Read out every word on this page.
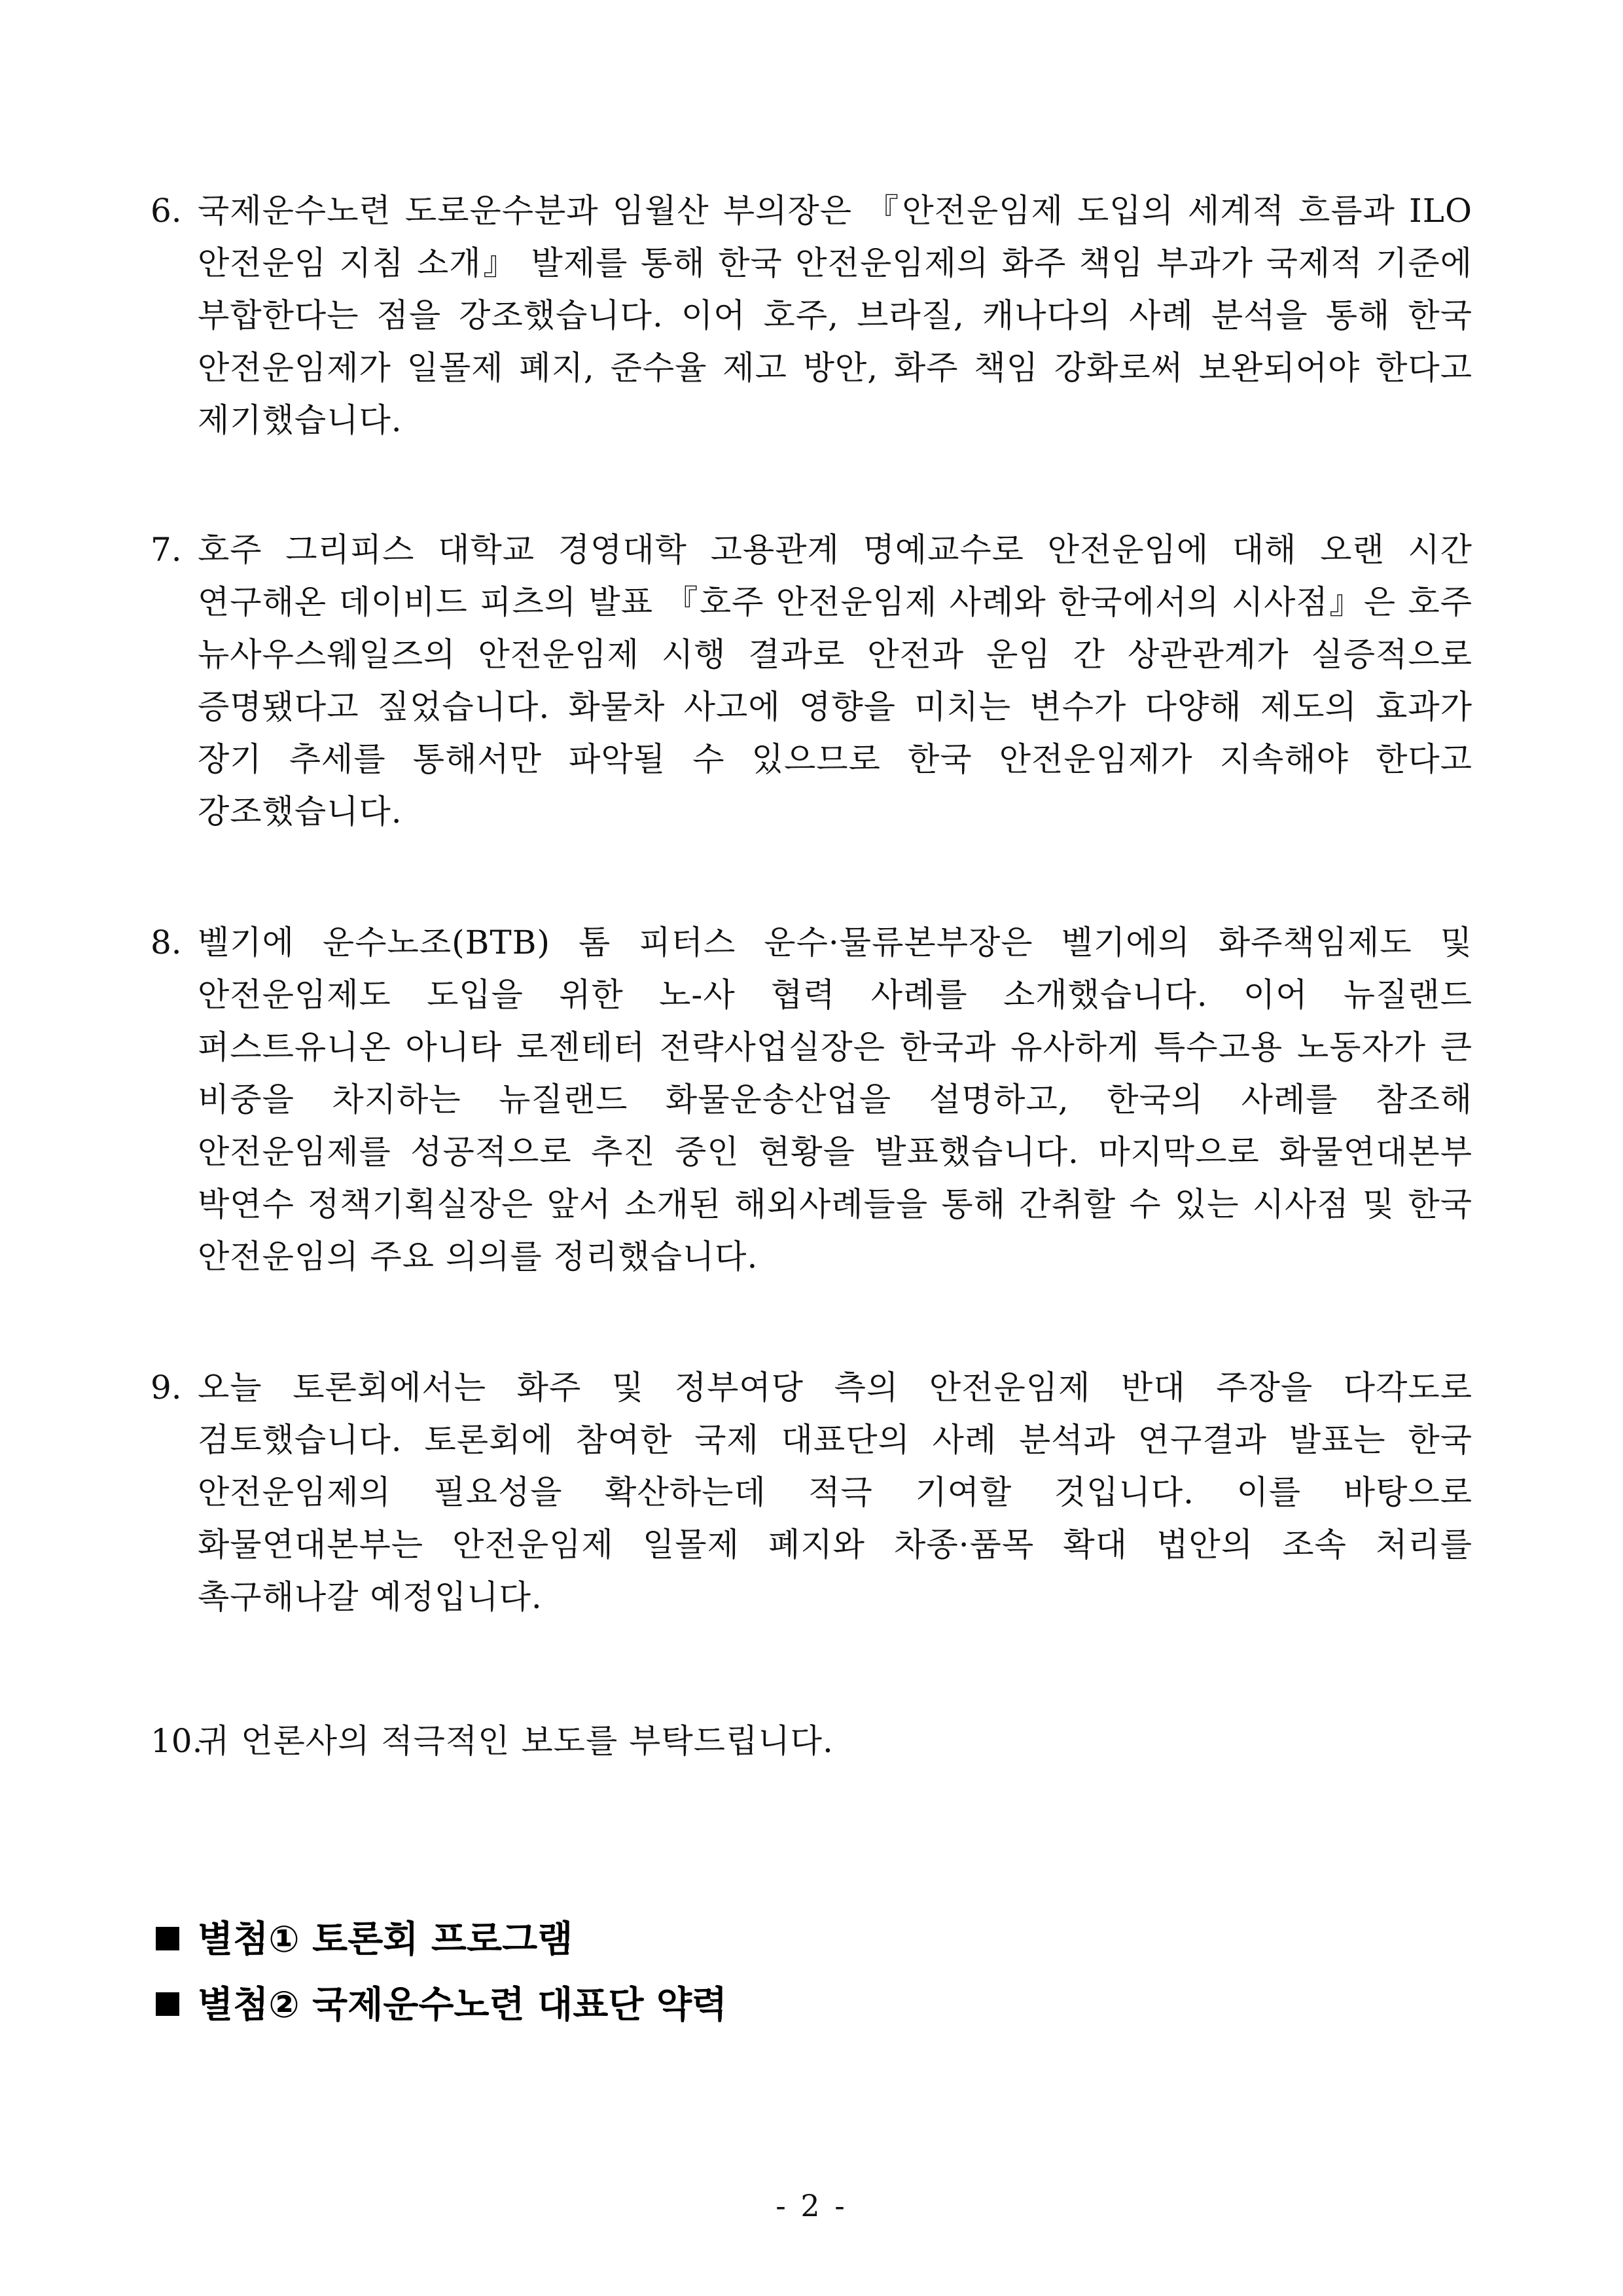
6. 국제운수노련 도로운수분과 임월산 부의장은 『안전운임제 도입의 세계적 흐름과 ILO 안전운임 지침 소개』 발제를 통해 한국 안전운임제의 화주 책임 부과가 국제적 기준에 부합한다는 점을 강조했습니다. 이어 호주, 브라질, 캐나다의 사례 분석을 통해 한국 안전운임제가 일몰제 폐지, 준수율 제고 방안, 화주 책임 강화로써 보완되어야 한다고 제기했습니다.
7. 호주 그리피스 대학교 경영대학 고용관계 명예교수로 안전운임에 대해 오랜 시간 연구해온 데이비드 피츠의 발표 『호주 안전운임제 사례와 한국에서의 시사점』은 호주 뉴사우스웨일즈의 안전운임제 시행 결과로 안전과 운임 간 상관관계가 실증적으로 증명됐다고 짚었습니다. 화물차 사고에 영향을 미치는 변수가 다양해 제도의 효과가 장기 추세를 통해서만 파악될 수 있으므로 한국 안전운임제가 지속해야 한다고 강조했습니다.
8. 벨기에 운수노조(BTB) 톰 피터스 운수·물류본부장은 벨기에의 화주책임제도 및 안전운임제도 도입을 위한 노-사 협력 사례를 소개했습니다. 이어 뉴질랜드 퍼스트유니온 아니타 로젠테터 전략사업실장은 한국과 유사하게 특수고용 노동자가 큰 비중을 차지하는 뉴질랜드 화물운송산업을 설명하고, 한국의 사례를 참조해 안전운임제를 성공적으로 추진 중인 현황을 발표했습니다. 마지막으로 화물연대본부 박연수 정책기획실장은 앞서 소개된 해외사례들을 통해 간취할 수 있는 시사점 및 한국 안전운임의 주요 의의를 정리했습니다.
9. 오늘 토론회에서는 화주 및 정부여당 측의 안전운임제 반대 주장을 다각도로 검토했습니다. 토론회에 참여한 국제 대표단의 사례 분석과 연구결과 발표는 한국 안전운임제의 필요성을 확산하는데 적극 기여할 것입니다. 이를 바탕으로 화물연대본부는 안전운임제 일몰제 폐지와 차종·품목 확대 법안의 조속 처리를 촉구해나갈 예정입니다.
10.
귀 언론사의 적극적인 보도를 부탁드립니다.
별첨① 토론회 프로그램
별첨② 국제운수노련 대표단 약력
- 2 -
